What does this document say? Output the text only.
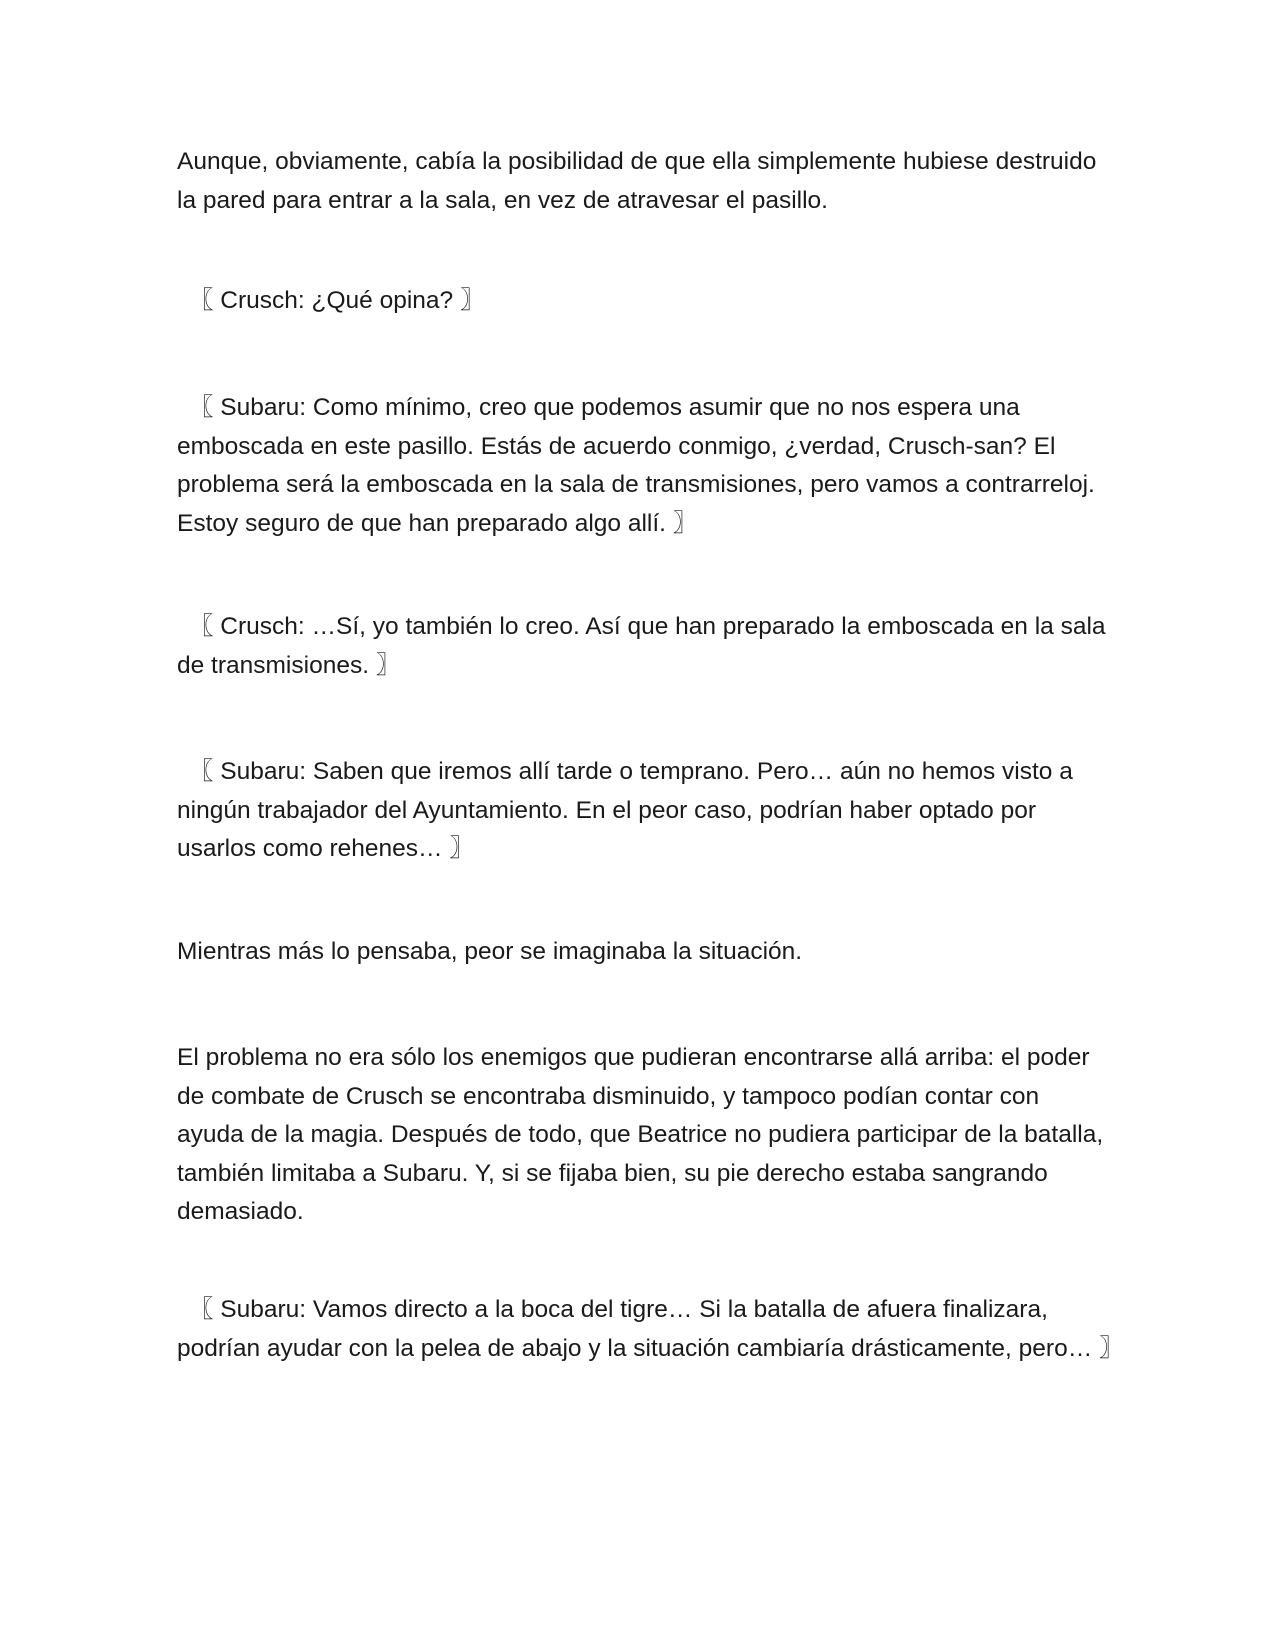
Aunque, obviamente, cabía la posibilidad de que ella simplemente hubiese destruido la pared para entrar a la sala, en vez de atravesar el pasillo.

〖 Crusch: ¿Qué opina? 〗

〖 Subaru: Como mínimo, creo que podemos asumir que no nos espera una emboscada en este pasillo. Estás de acuerdo conmigo, ¿verdad, Crusch-san? El problema será la emboscada en la sala de transmisiones, pero vamos a contrarreloj. Estoy seguro de que han preparado algo allí. 〗

〖 Crusch: …Sí, yo también lo creo. Así que han preparado la emboscada en la sala de transmisiones. 〗

〖 Subaru: Saben que iremos allí tarde o temprano. Pero… aún no hemos visto a ningún trabajador del Ayuntamiento. En el peor caso, podrían haber optado por usarlos como rehenes… 〗

Mientras más lo pensaba, peor se imaginaba la situación.

El problema no era sólo los enemigos que pudieran encontrarse allá arriba: el poder de combate de Crusch se encontraba disminuido, y tampoco podían contar con ayuda de la magia. Después de todo, que Beatrice no pudiera participar de la batalla, también limitaba a Subaru. Y, si se fijaba bien, su pie derecho estaba sangrando demasiado.

〖 Subaru: Vamos directo a la boca del tigre… Si la batalla de afuera finalizara, podrían ayudar con la pelea de abajo y la situación cambiaría drásticamente, pero… 〗
